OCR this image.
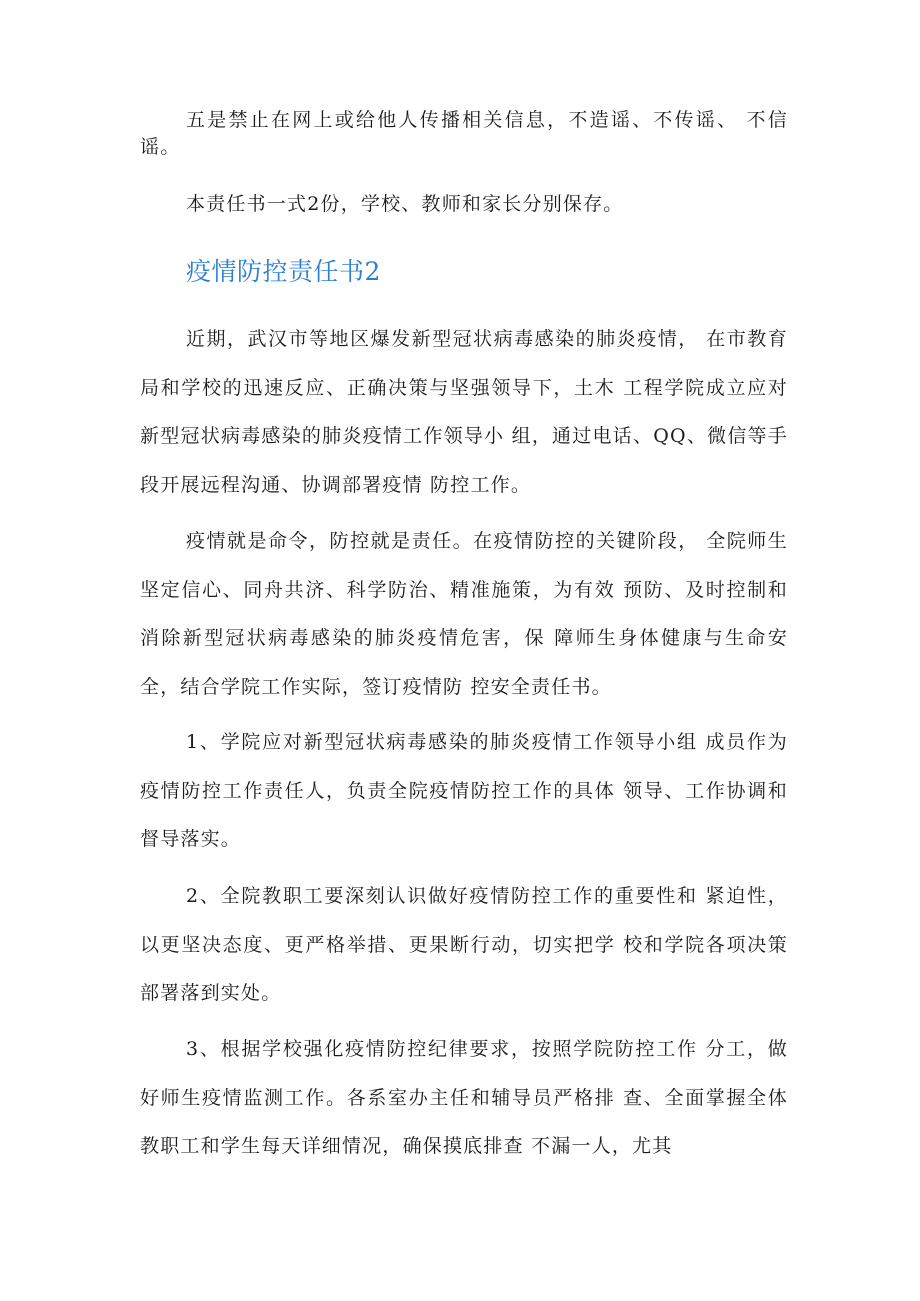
五是禁止在网上或给他人传播相关信息，不造谣、不传谣、 不信谣。

本责任书一式2份，学校、教师和家长分别保存。

疫情防控责任书2

近期，武汉市等地区爆发新型冠状病毒感染的肺炎疫情， 在市教育局和学校的迅速反应、正确决策与坚强领导下，土木 工程学院成立应对新型冠状病毒感染的肺炎疫情工作领导小 组，通过电话、QQ、微信等手段开展远程沟通、协调部署疫情 防控工作。

疫情就是命令，防控就是责任。在疫情防控的关键阶段， 全院师生坚定信心、同舟共济、科学防治、精准施策，为有效 预防、及时控制和消除新型冠状病毒感染的肺炎疫情危害，保 障师生身体健康与生命安全，结合学院工作实际，签订疫情防 控安全责任书。

1、学院应对新型冠状病毒感染的肺炎疫情工作领导小组 成员作为疫情防控工作责任人，负责全院疫情防控工作的具体 领导、工作协调和督导落实。

2、全院教职工要深刻认识做好疫情防控工作的重要性和 紧迫性，以更坚决态度、更严格举措、更果断行动，切实把学 校和学院各项决策部署落到实处。

3、根据学校强化疫情防控纪律要求，按照学院防控工作 分工，做好师生疫情监测工作。各系室办主任和辅导员严格排 查、全面掌握全体教职工和学生每天详细情况，确保摸底排查 不漏一人，尤其
